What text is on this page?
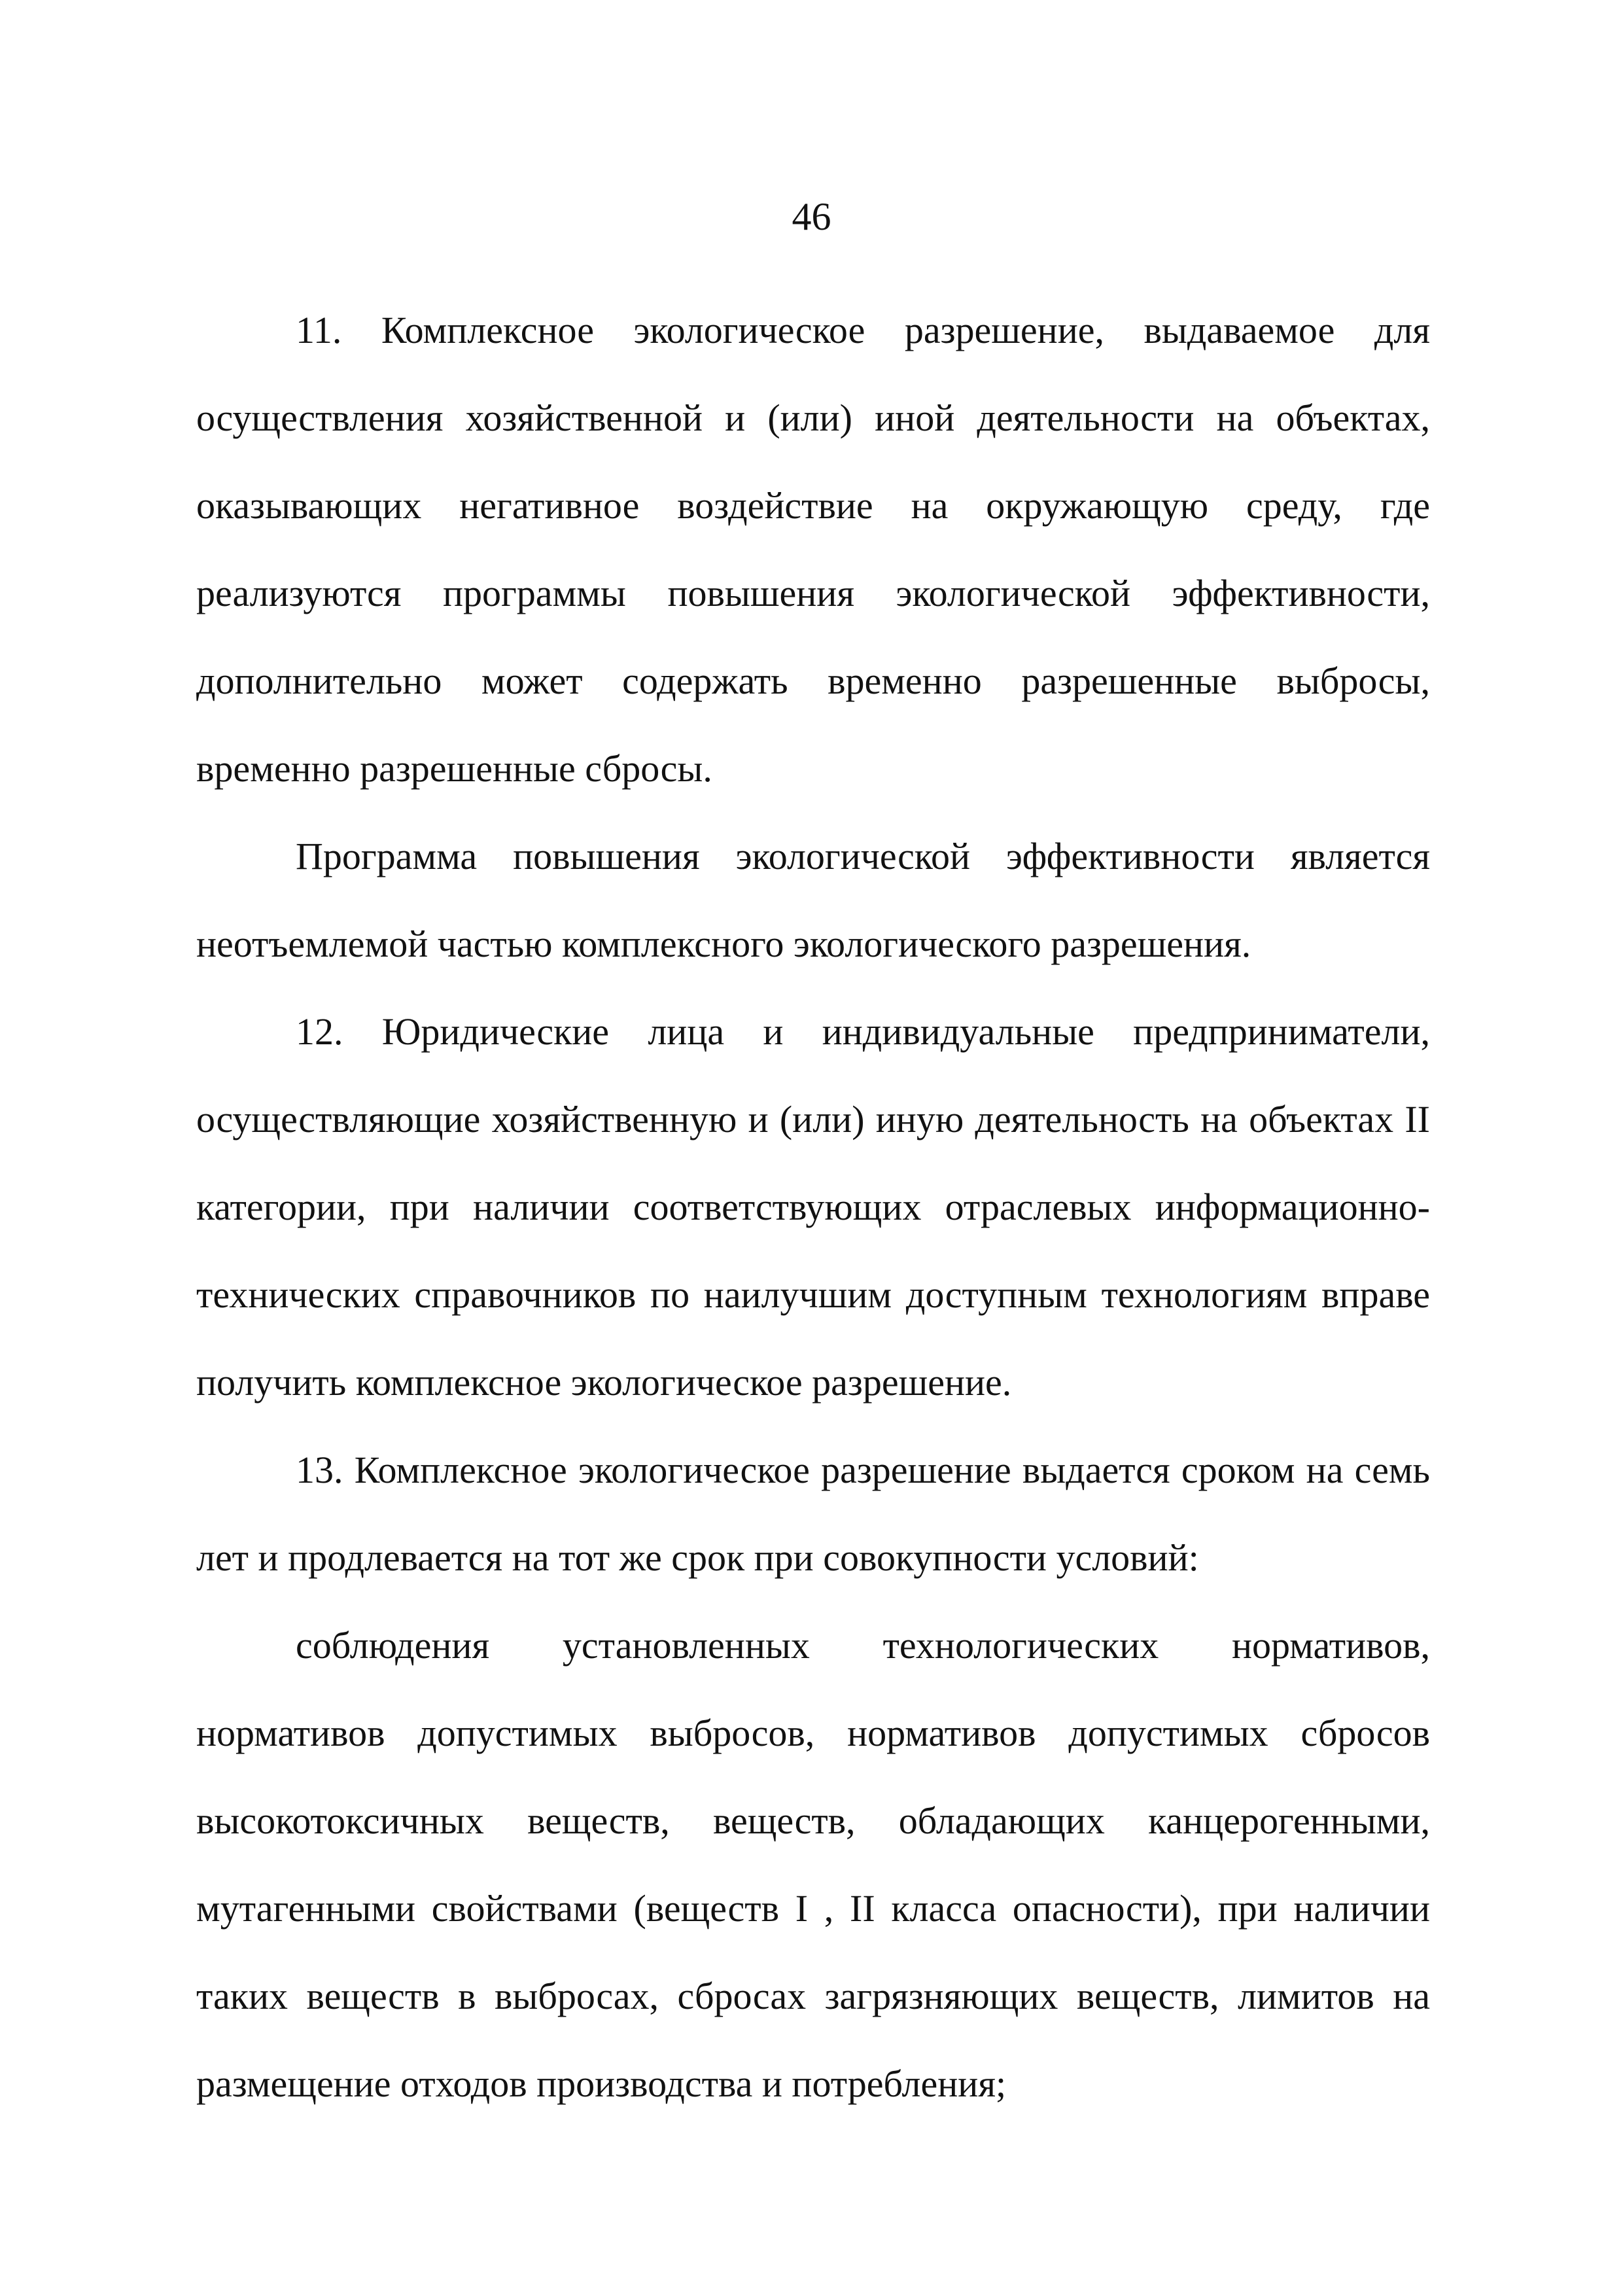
46

11. Комплексное экологическое разрешение, выдаваемое для осуществления хозяйственной и (или) иной деятельности на объектах, оказывающих негативное воздействие на окружающую среду, где реализуются программы повышения экологической эффективности, дополнительно может содержать временно разрешенные выбросы, временно разрешенные сбросы.

Программа повышения экологической эффективности является неотъемлемой частью комплексного экологического разрешения.

12. Юридические лица и индивидуальные предприниматели, осуществляющие хозяйственную и (или) иную деятельность на объектах II категории, при наличии соответствующих отраслевых информационно-технических справочников по наилучшим доступным технологиям вправе получить комплексное экологическое разрешение.

13. Комплексное экологическое разрешение выдается сроком на семь лет и продлевается на тот же срок при совокупности условий:

соблюдения установленных технологических нормативов, нормативов допустимых выбросов, нормативов допустимых сбросов высокотоксичных веществ, веществ, обладающих канцерогенными, мутагенными свойствами (веществ I , II класса опасности), при наличии таких веществ в выбросах, сбросах загрязняющих веществ, лимитов на размещение отходов производства и потребления;
